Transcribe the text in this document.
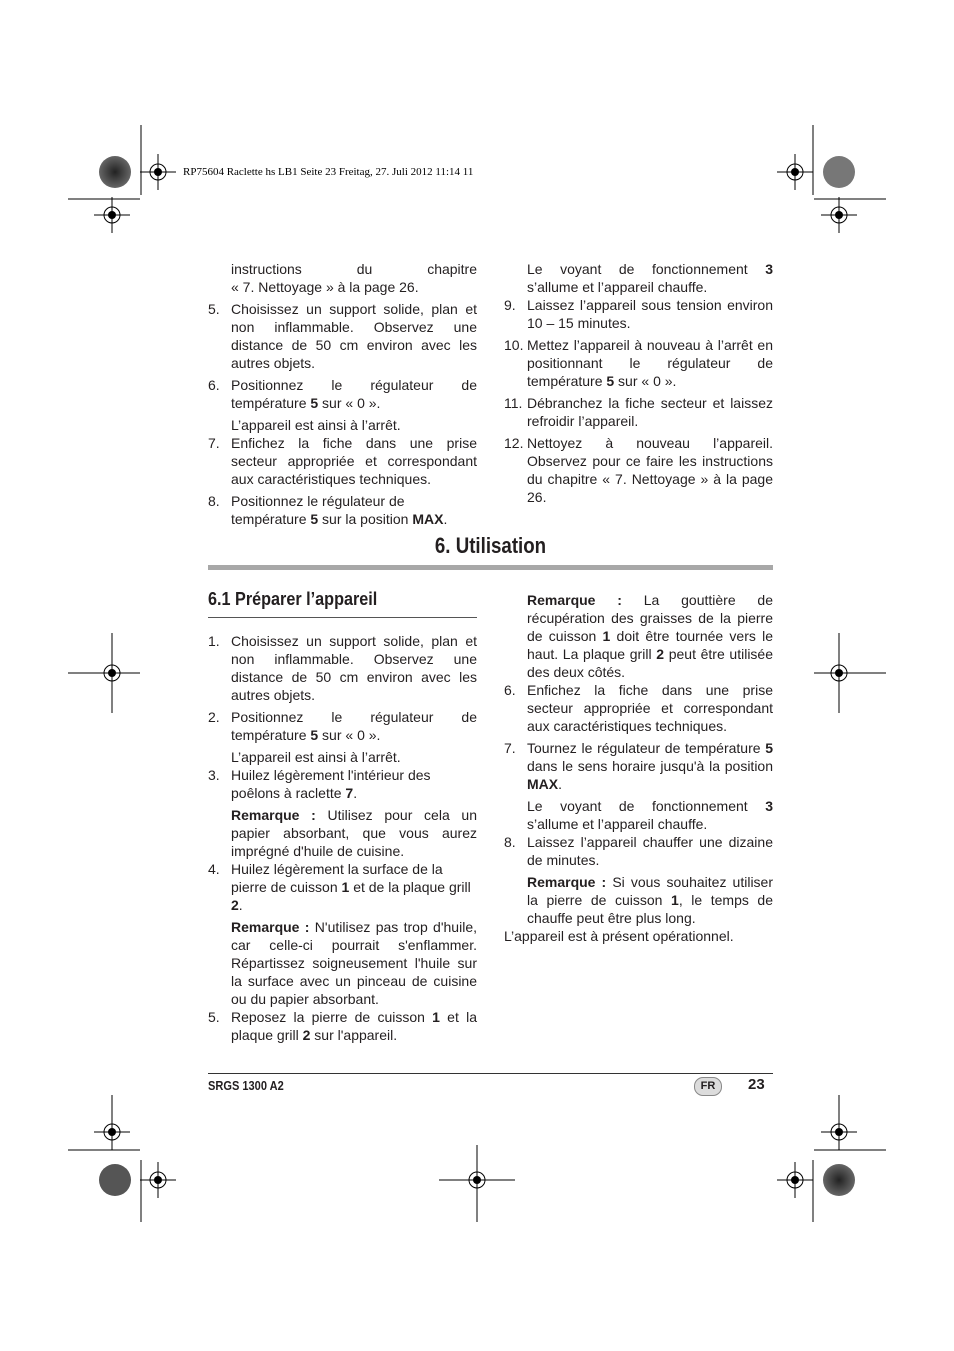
RP75604 Raclette hs LB1 Seite 23 Freitag, 27. Juli 2012 11:14 11

instructions du chapitre
« 7. Nettoyage » à la page 26.

5. Choisissez un support solide, plan et non inflammable. Observez une distance de 50 cm environ avec les autres objets.
6. Positionnez le régulateur de température 5 sur « 0 ».

L’appareil est ainsi à l’arrêt.

7. Enfichez la fiche dans une prise secteur appropriée et correspondant aux caractéristiques techniques.
8. Positionnez le régulateur de température 5 sur la position MAX.

Le voyant de fonctionnement 3 s’allume et l’appareil chauffe.

9. Laissez l’appareil sous tension environ 10 – 15 minutes.
10. Mettez l’appareil à nouveau à l’arrêt en positionnant le régulateur de température 5 sur « 0 ».
11. Débranchez la fiche secteur et laissez refroidir l’appareil.
12. Nettoyez à nouveau l’appareil. Observez pour ce faire les instructions du chapitre « 7. Nettoyage » à la page 26.
6. Utilisation
6.1 Préparer l’appareil
1. Choisissez un support solide, plan et non inflammable. Observez une distance de 50 cm environ avec les autres objets.
2. Positionnez le régulateur de température 5 sur « 0 ».

L’appareil est ainsi à l’arrêt.

3. Huilez légèrement l'intérieur des poêlons à raclette 7.

Remarque : Utilisez pour cela un papier absorbant, que vous aurez imprégné d'huile de cuisine.

4. Huilez légèrement la surface de la pierre de cuisson 1 et de la plaque grill 2.

Remarque : N'utilisez pas trop d'huile, car celle-ci pourrait s'enflammer. Répartissez soigneusement l'huile sur la surface avec un pinceau de cuisine ou du papier absorbant.

5. Reposez la pierre de cuisson 1 et la plaque grill 2 sur l'appareil.

Remarque : La gouttière de récupération des graisses de la pierre de cuisson 1 doit être tournée vers le haut. La plaque grill 2 peut être utilisée des deux côtés.

6. Enfichez la fiche dans une prise secteur appropriée et correspondant aux caractéristiques techniques.
7. Tournez le régulateur de température 5 dans le sens horaire jusqu'à la position MAX.

Le voyant de fonctionnement 3 s’allume et l’appareil chauffe.

8. Laissez l’appareil chauffer une dizaine de minutes.

Remarque : Si vous souhaitez utiliser la pierre de cuisson 1, le temps de chauffe peut être plus long.

L’appareil est à présent opérationnel.

SRGS 1300 A2	FR	23
